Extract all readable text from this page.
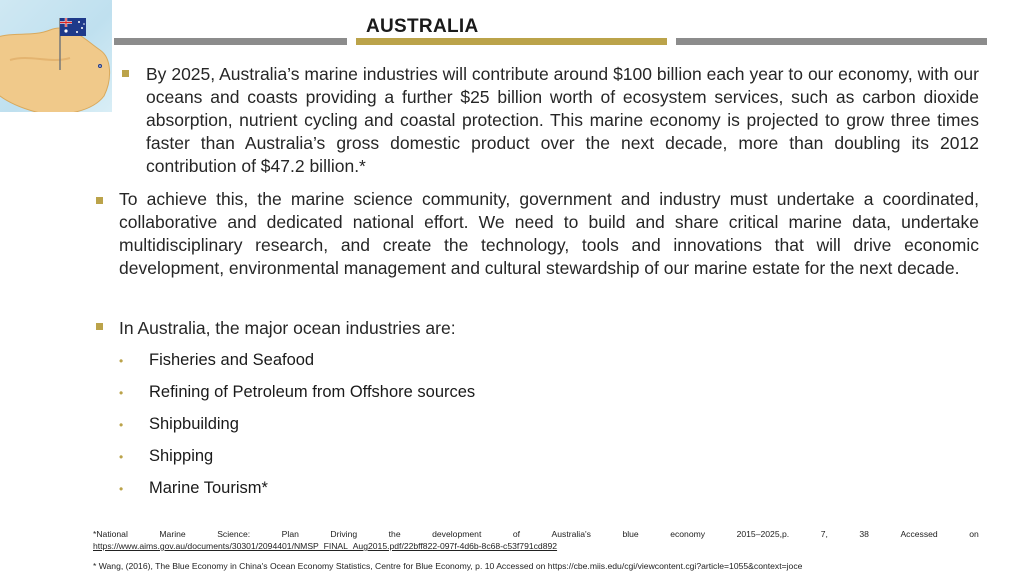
AUSTRALIA
By 2025, Australia’s marine industries will contribute around $100 billion each year to our economy, with our oceans and coasts providing a further $25 billion worth of ecosystem services, such as carbon dioxide absorption, nutrient cycling and coastal protection. This marine economy is projected to grow three times faster than Australia’s gross domestic product over the next decade, more than doubling its 2012 contribution of $47.2 billion.*
To achieve this, the marine science community, government and industry must undertake a coordinated, collaborative and dedicated national effort. We need to build and share critical marine data, undertake multidisciplinary research, and create the technology, tools and innovations that will drive economic development, environmental management and cultural stewardship of our marine estate for the next decade.
In Australia, the major ocean industries are:
• Fisheries and Seafood
• Refining of Petroleum from Offshore sources
• Shipbuilding
• Shipping
• Marine Tourism*
*National	Marine	Science:	Plan	Driving	the	development	of	Australia's	blue	economy	2015–2025,p.	7,	38	Accessed	on
https://www.aims.gov.au/documents/30301/2094401/NMSP_FINAL_Aug2015.pdf/22bff822-097f-4d6b-8c68-c53f791cd892
* Wang, (2016), The Blue Economy in China's Ocean Economy Statistics, Centre for Blue Economy, p. 10 Accessed on https://cbe.miis.edu/cgi/viewcontent.cgi?article=1055&context=joce
